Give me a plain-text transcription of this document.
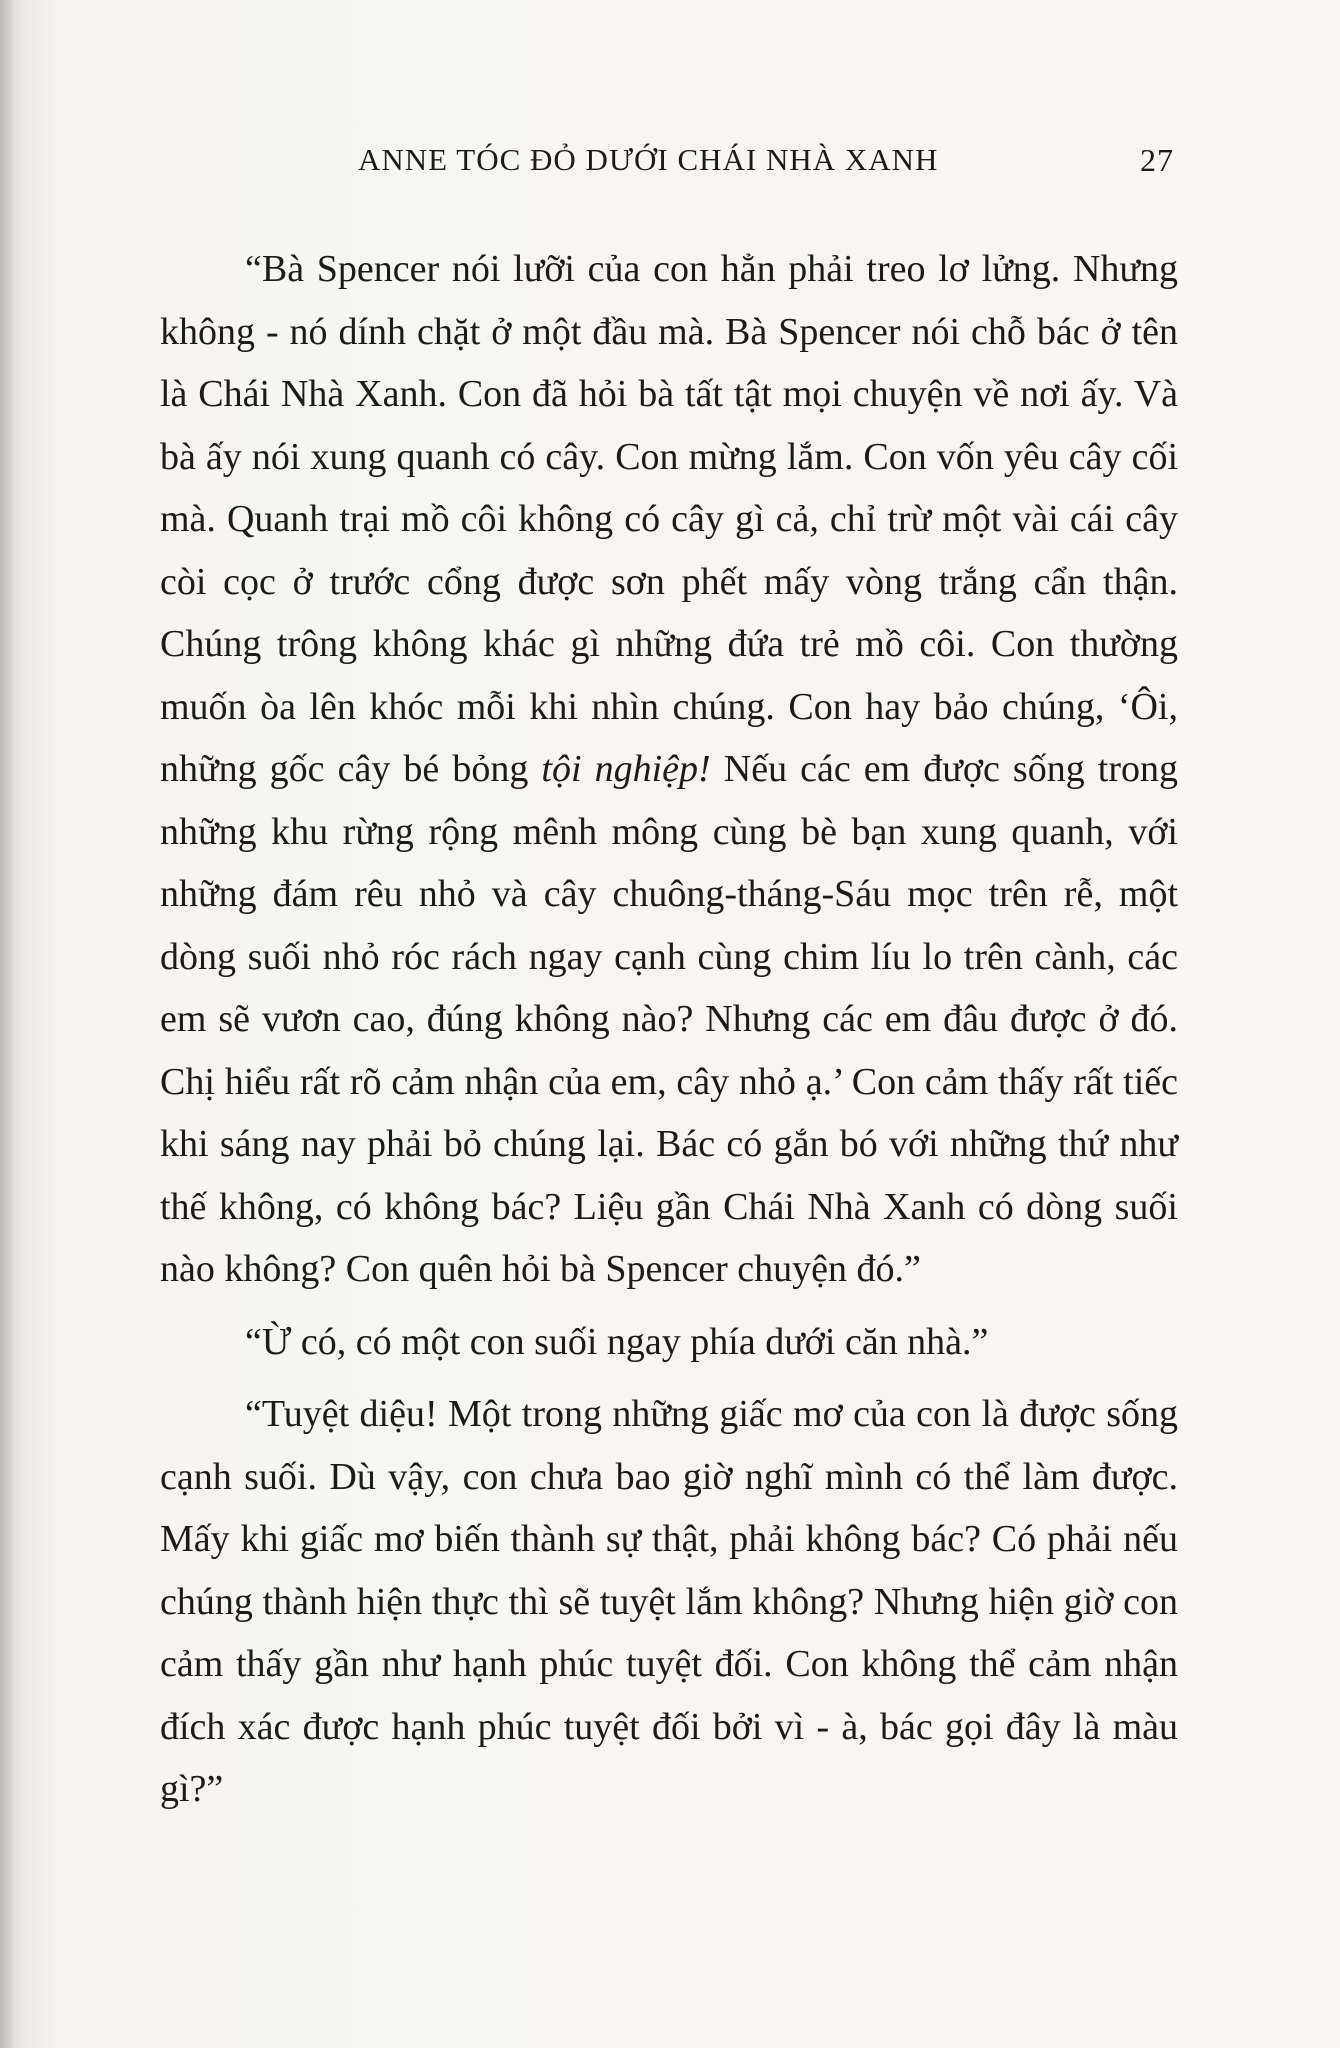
ANNE TÓC ĐỎ DƯỚI CHÁI NHÀ XANH	27

“Bà Spencer nói lưỡi của con hẳn phải treo lơ lửng. Nhưng không - nó dính chặt ở một đầu mà. Bà Spencer nói chỗ bác ở tên là Chái Nhà Xanh. Con đã hỏi bà tất tật mọi chuyện về nơi ấy. Và bà ấy nói xung quanh có cây. Con mừng lắm. Con vốn yêu cây cối mà. Quanh trại mồ côi không có cây gì cả, chỉ trừ một vài cái cây còi cọc ở trước cổng được sơn phết mấy vòng trắng cẩn thận. Chúng trông không khác gì những đứa trẻ mồ côi. Con thường muốn òa lên khóc mỗi khi nhìn chúng. Con hay bảo chúng, ‘Ôi, những gốc cây bé bỏng tội nghiệp! Nếu các em được sống trong những khu rừng rộng mênh mông cùng bè bạn xung quanh, với những đám rêu nhỏ và cây chuông-tháng-Sáu mọc trên rễ, một dòng suối nhỏ róc rách ngay cạnh cùng chim líu lo trên cành, các em sẽ vươn cao, đúng không nào? Nhưng các em đâu được ở đó. Chị hiểu rất rõ cảm nhận của em, cây nhỏ ạ.’ Con cảm thấy rất tiếc khi sáng nay phải bỏ chúng lại. Bác có gắn bó với những thứ như thế không, có không bác? Liệu gần Chái Nhà Xanh có dòng suối nào không? Con quên hỏi bà Spencer chuyện đó.”

“Ừ có, có một con suối ngay phía dưới căn nhà.”

“Tuyệt diệu! Một trong những giấc mơ của con là được sống cạnh suối. Dù vậy, con chưa bao giờ nghĩ mình có thể làm được. Mấy khi giấc mơ biến thành sự thật, phải không bác? Có phải nếu chúng thành hiện thực thì sẽ tuyệt lắm không? Nhưng hiện giờ con cảm thấy gần như hạnh phúc tuyệt đối. Con không thể cảm nhận đích xác được hạnh phúc tuyệt đối bởi vì - à, bác gọi đây là màu gì?”
